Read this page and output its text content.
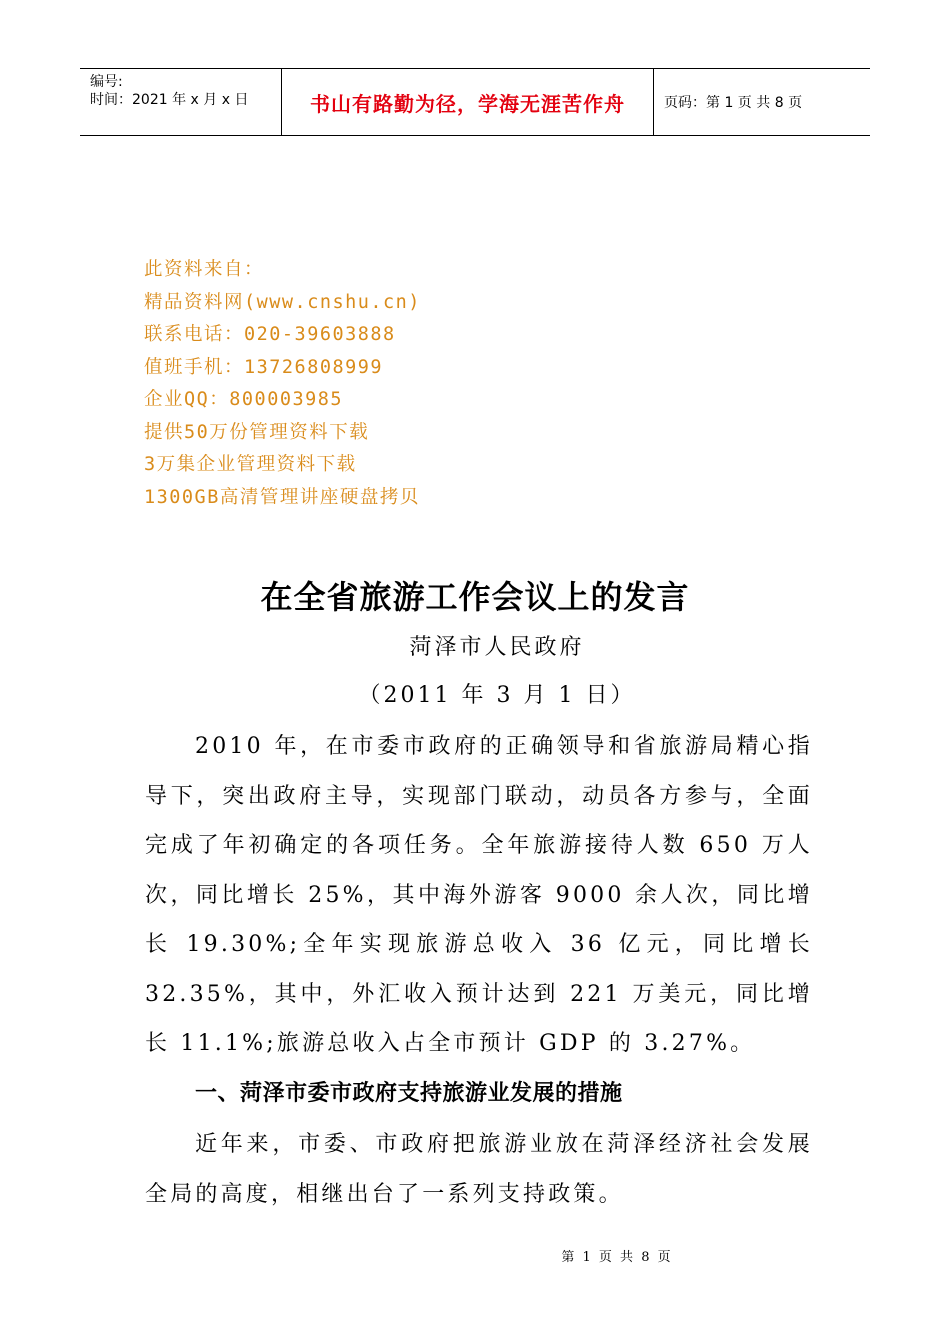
编号:
时间：2021 年 x 月 x 日	书山有路勤为径，学海无涯苦作舟	页码：第 1 页 共 8 页
此资料来自：
精品资料网(www.cnshu.cn)
联系电话：020-39603888
值班手机：13726808999
企业QQ：800003985
提供50万份管理资料下载
3万集企业管理资料下载
1300GB高清管理讲座硬盘拷贝
在全省旅游工作会议上的发言
菏泽市人民政府
（2011 年 3 月 1 日）
2010 年，在市委市政府的正确领导和省旅游局精心指导下，突出政府主导，实现部门联动，动员各方参与，全面完成了年初确定的各项任务。全年旅游接待人数 650 万人次，同比增长 25%，其中海外游客 9000 余人次，同比增长 19.30%;全年实现旅游总收入 36 亿元，同比增长 32.35%，其中，外汇收入预计达到 221 万美元，同比增长 11.1%;旅游总收入占全市预计 GDP 的 3.27%。
一、菏泽市委市政府支持旅游业发展的措施
近年来，市委、市政府把旅游业放在菏泽经济社会发展全局的高度，相继出台了一系列支持政策。
第 1 页 共 8 页
